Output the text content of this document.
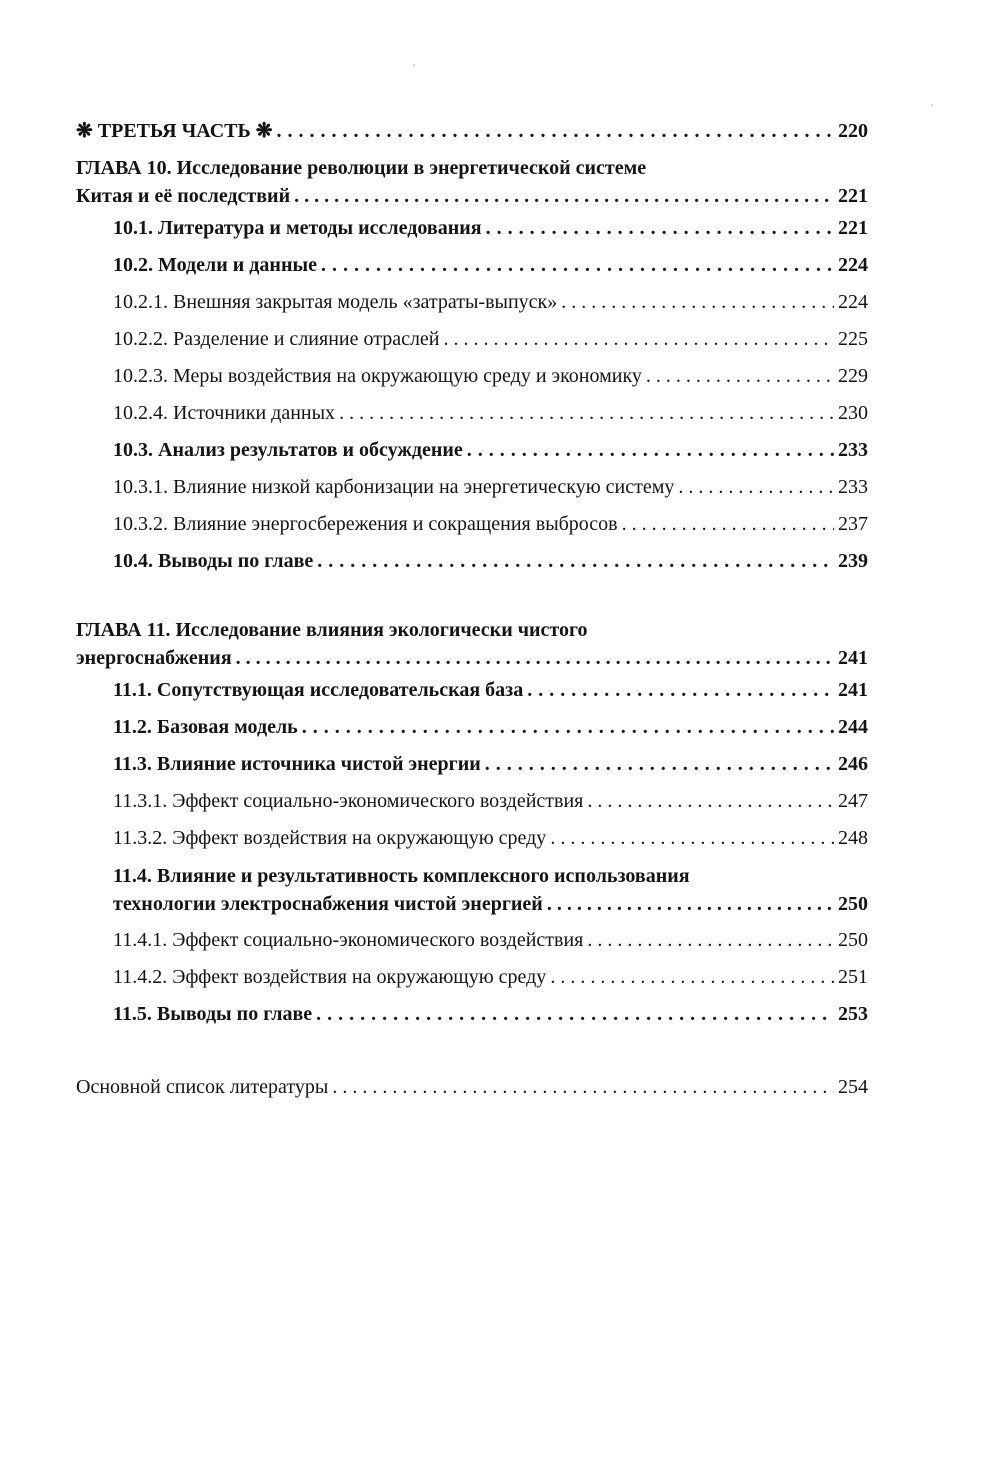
❋ ТРЕТЬЯ ЧАСТЬ ❋ . . .	220
ГЛАВА 10. Исследование революции в энергетической системе
Китая и её последствий . . .	221
10.1. Литература и методы исследования . . .	221
10.2. Модели и данные . . .	224
10.2.1. Внешняя закрытая модель «затраты-выпуск» . . .	224
10.2.2. Разделение и слияние отраслей . . .	225
10.2.3. Меры воздействия на окружающую среду и экономику . . .	229
10.2.4. Источники данных . . .	230
10.3. Анализ результатов и обсуждение . . .	233
10.3.1. Влияние низкой карбонизации на энергетическую систему . . .	233
10.3.2. Влияние энергосбережения и сокращения выбросов . . .	237
10.4. Выводы по главе . . .	239
ГЛАВА 11. Исследование влияния экологически чистого
энергоснабжения . . .	241
11.1. Сопутствующая исследовательская база . . .	241
11.2. Базовая модель . . .	244
11.3. Влияние источника чистой энергии . . .	246
11.3.1. Эффект социально-экономического воздействия . . .	247
11.3.2. Эффект воздействия на окружающую среду . . .	248
11.4. Влияние и результативность комплексного использования
технологии электроснабжения чистой энергией . . .	250
11.4.1. Эффект социально-экономического воздействия . . .	250
11.4.2. Эффект воздействия на окружающую среду . . .	251
11.5. Выводы по главе . . .	253
Основной список литературы . . .	254
